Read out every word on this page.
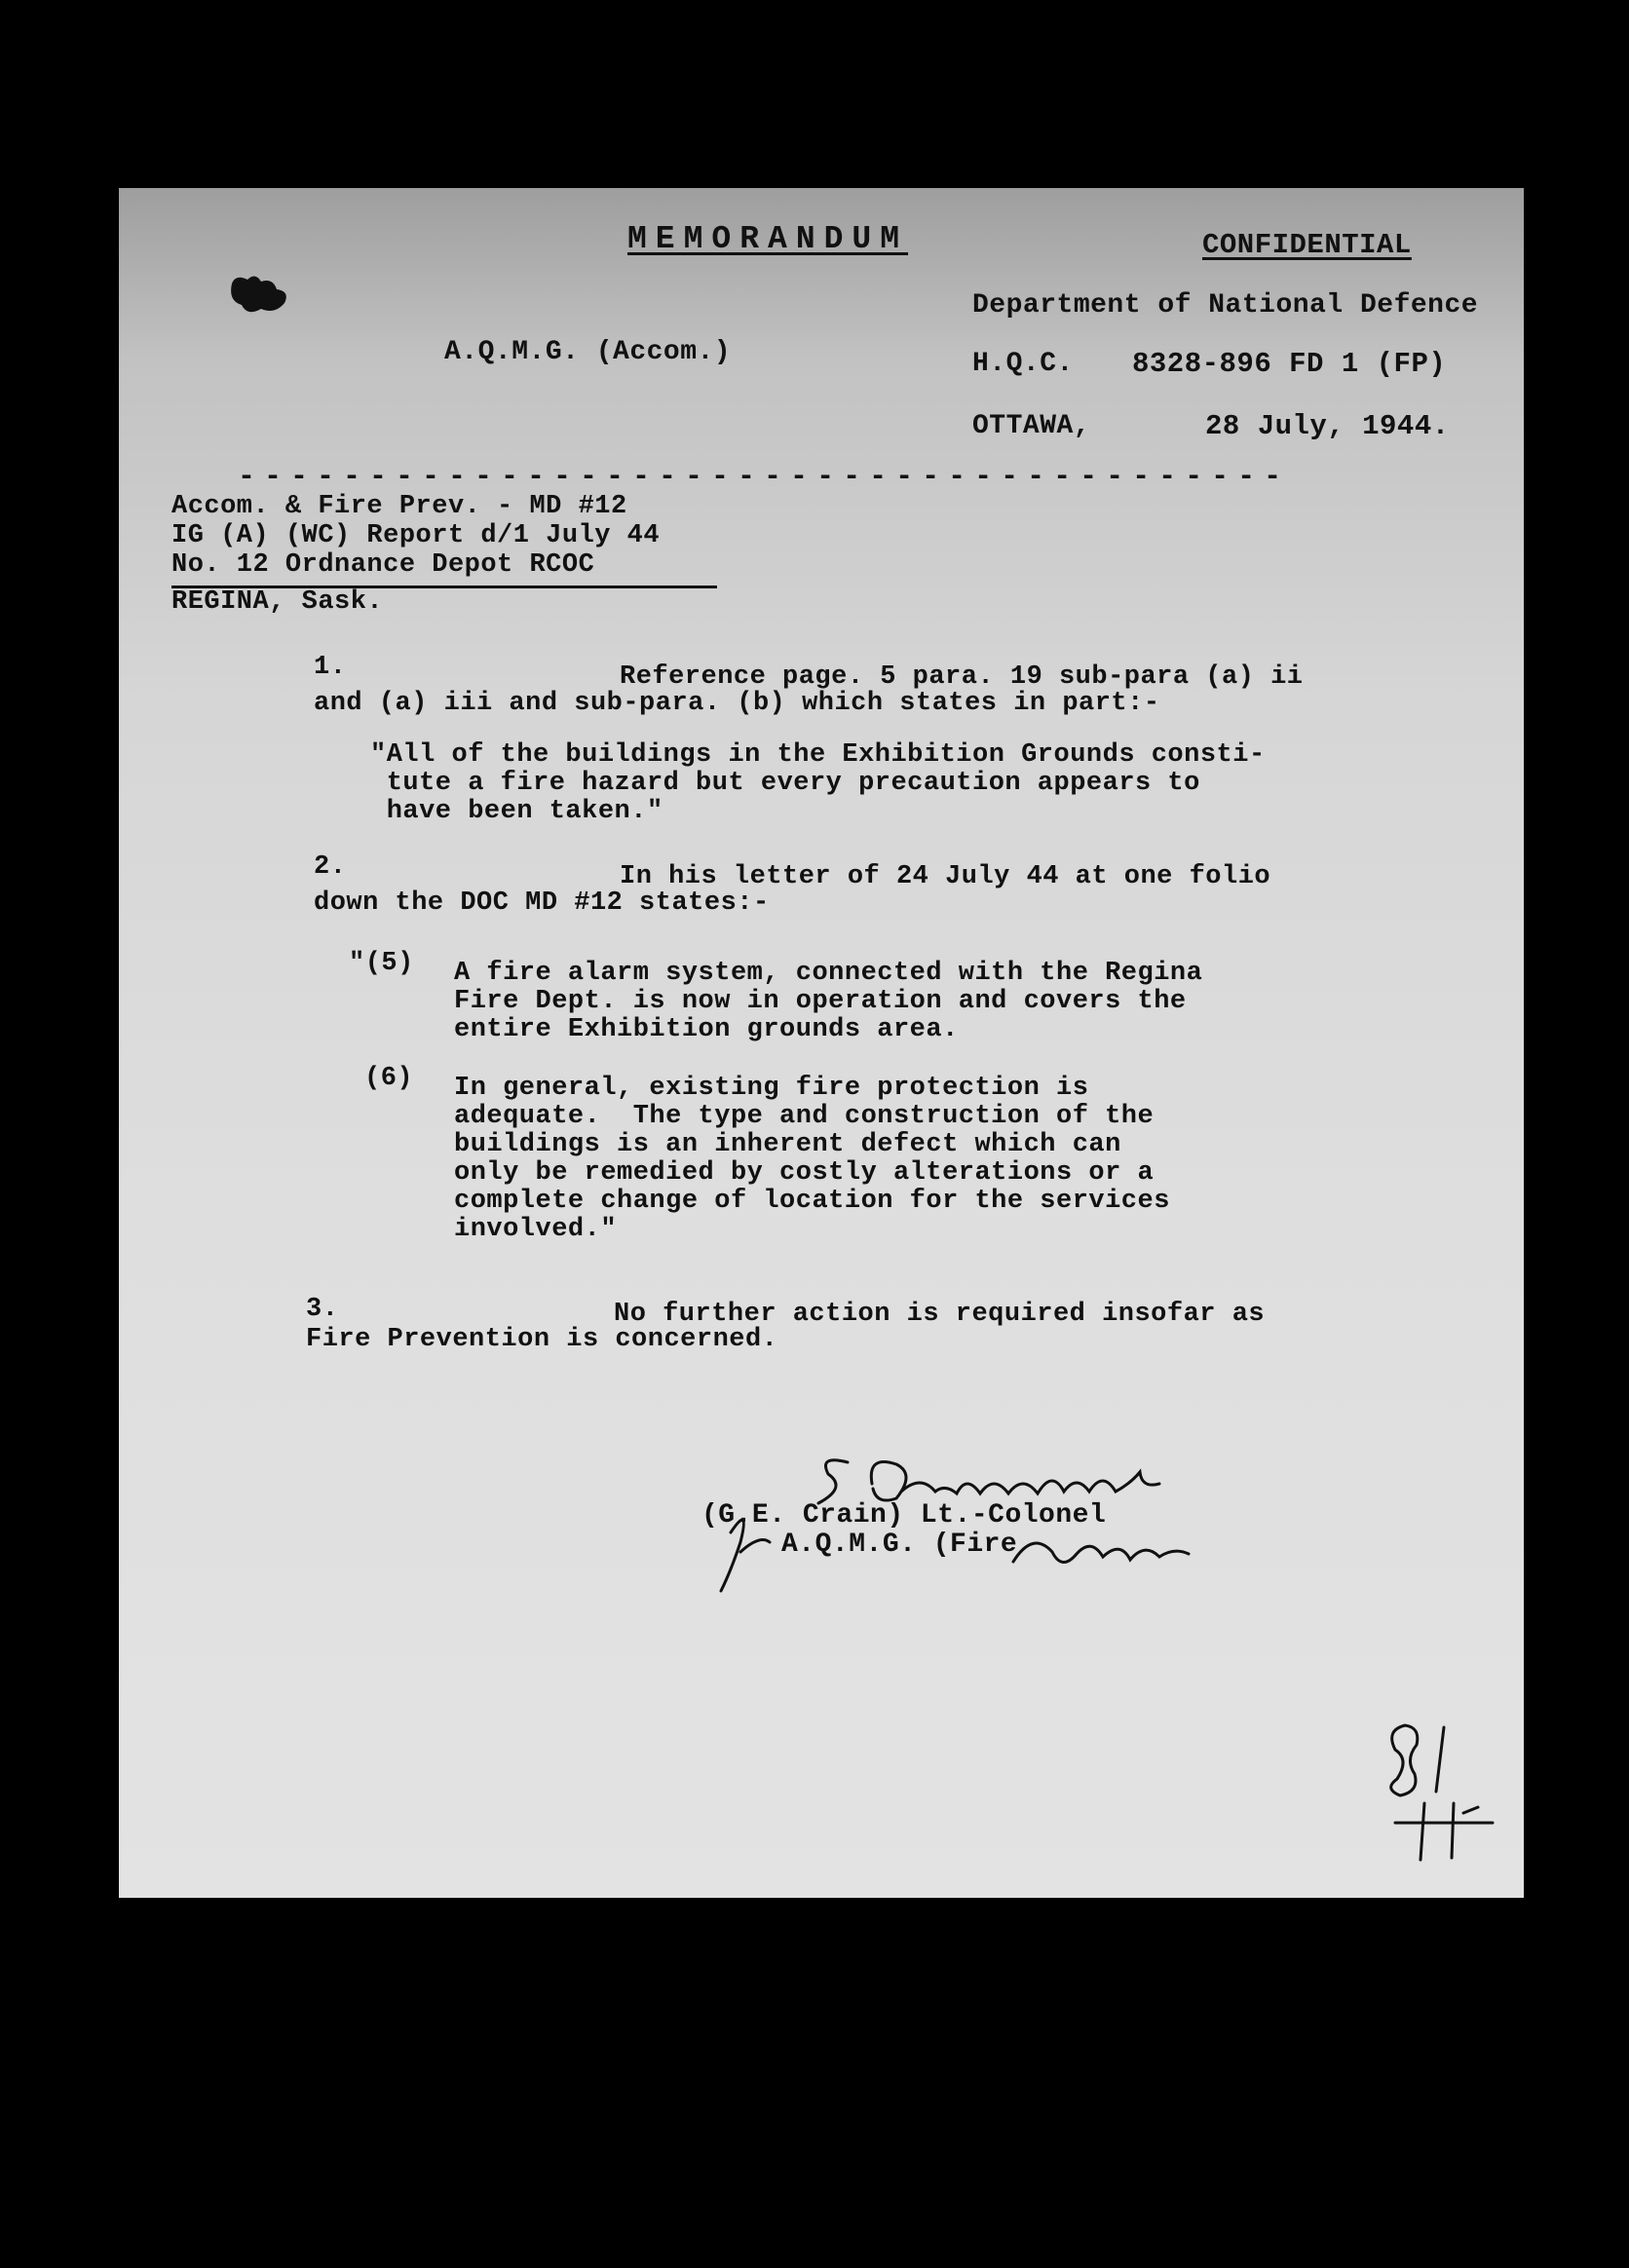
MEMORANDUM	CONFIDENTIAL
A.Q.M.G. (Accom.)
Department of National Defence
H.Q.C. 8328-896 FD 1 (FP)
OTTAWA,	28 July, 1944.
----------------------------------------
Accom. & Fire Prev. - MD #12
IG (A) (WC) Report d/1 July 44
No. 12 Ordnance Depot RCOC
REGINA, Sask.
1.	Reference page. 5 para. 19 sub-para (a) ii
and (a) iii and sub-para. (b) which states in part:-
"All of the buildings in the Exhibition Grounds consti-
tute a fire hazard but every precaution appears to
have been taken."
2.	In his letter of 24 July 44 at one folio
down the DOC MD #12 states:-
"(5) A fire alarm system, connected with the Regina
Fire Dept. is now in operation and covers the
entire Exhibition grounds area.
(6) In general, existing fire protection is
adequate.  The type and construction of the
buildings is an inherent defect which can
only be remedied by costly alterations or a
complete change of location for the services
involved."
3.	No further action is required insofar as
Fire Prevention is concerned.
(G.E. Crain) Lt.-Colonel
A.Q.M.G. (Fire
